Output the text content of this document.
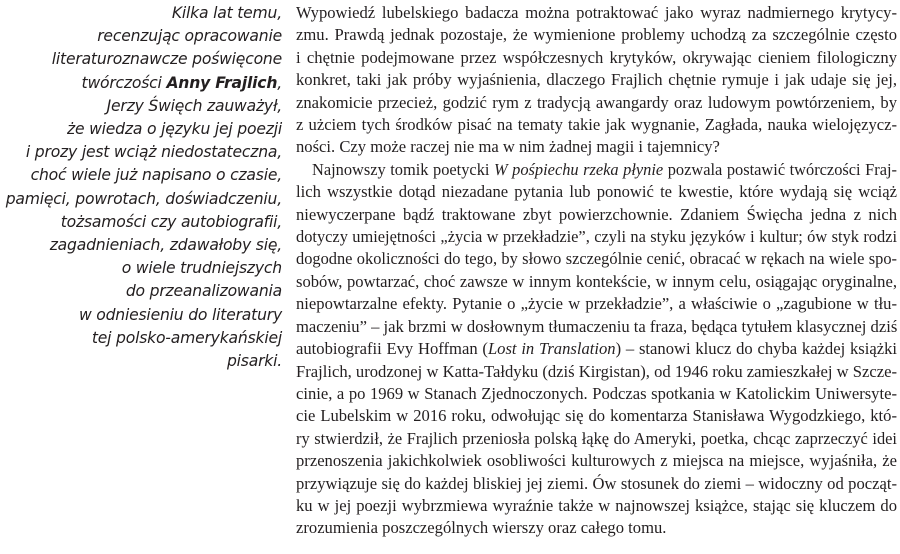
Kilka lat temu,
recenzując opracowanie
literaturoznawcze poświęcone
twórczości Anny Frajlich,
Jerzy Święch zauważył,
że wiedza o języku jej poezji
i prozy jest wciąż niedostateczna,
choć wiele już napisano o czasie,
pamięci, powrotach, doświadczeniu,
tożsamości czy autobiografii,
zagadnieniach, zdawałoby się,
o wiele trudniejszych
do przeanalizowania
w odniesieniu do literatury
tej polsko-amerykańskiej
pisarki.
Wypowiedź lubelskiego badacza można potraktować jako wyraz nadmiernego krytycy-
zmu. Prawdą jednak pozostaje, że wymienione problemy uchodzą za szczególnie często
i chętnie podejmowane przez współczesnych krytyków, okrywając cieniem filologiczny
konkret, taki jak próby wyjaśnienia, dlaczego Frajlich chętnie rymuje i jak udaje się jej,
znakomicie przecież, godzić rym z tradycją awangardy oraz ludowym powtórzeniem, by
z użciem tych środków pisać na tematy takie jak wygnanie, Zagłada, nauka wielojęzycz-
ności. Czy może raczej nie ma w nim żadnej magii i tajemnicy?
Najnowszy tomik poetycki W pośpiechu rzeka płynie pozwala postawić twórczości Fraj-
lich wszystkie dotąd niezadane pytania lub ponowić te kwestie, które wydają się wciąż
niewyczerpane bądź traktowane zbyt powierzchownie. Zdaniem Święcha jedna z nich
dotyczy umiejętności „życia w przekładzie”, czyli na styku języków i kultur; ów styk rodzi
dogodne okoliczności do tego, by słowo szczególnie cenić, obracać w rękach na wiele spo-
sobów, powtarzać, choć zawsze w innym kontekście, w innym celu, osiągając oryginalne,
niepowtarzalne efekty. Pytanie o „życie w przekładzie”, a właściwie o „zagubione w tłu-
maczeniu” – jak brzmi w dosłownym tłumaczeniu ta fraza, będąca tytułem klasycznej dziś
autobiografii Evy Hoffman (Lost in Translation) – stanowi klucz do chyba każdej książki
Frajlich, urodzonej w Katta-Tałdyku (dziś Kirgistan), od 1946 roku zamieszkałej w Szcze-
cinie, a po 1969 w Stanach Zjednoczonych. Podczas spotkania w Katolickim Uniwersyte-
cie Lubelskim w 2016 roku, odwołując się do komentarza Stanisława Wygodzkiego, któ-
ry stwierdził, że Frajlich przeniosła polską łąkę do Ameryki, poetka, chcąc zaprzeczyć idei
przenoszenia jakichkolwiek osobliwości kulturowych z miejsca na miejsce, wyjaśniła, że
przywiązuje się do każdej bliskiej jej ziemi. Ów stosunek do ziemi – widoczny od począt-
ku w jej poezji wybrzmiewa wyraźnie także w najnowszej książce, stając się kluczem do
zrozumienia poszczególnych wierszy oraz całego tomu.
